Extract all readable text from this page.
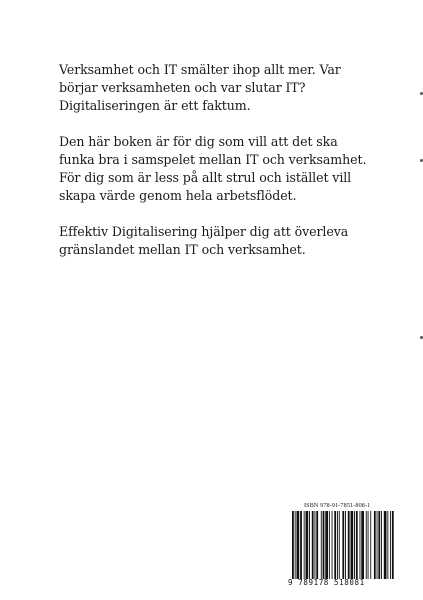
Verksamhet och IT smälter ihop allt mer. Var börjar verksamheten och var slutar IT? Digitaliseringen är ett faktum.

Den här boken är för dig som vill att det ska funka bra i samspelet mellan IT och verksamhet. För dig som är less på allt strul och istället vill skapa värde genom hela arbetsflödet.

Effektiv Digitalisering hjälper dig att överleva gränslandet mellan IT och verksamhet.

ISBN 978-91-7851-808-1
9 789178 518081
